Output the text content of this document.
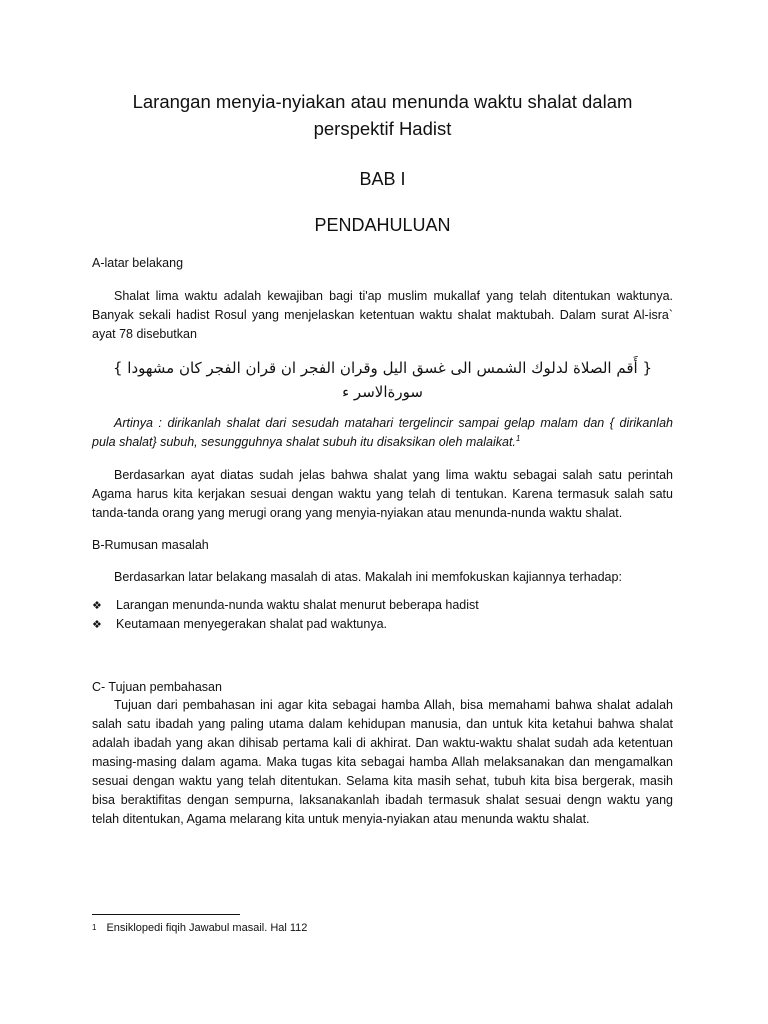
Larangan menyia-nyiakan atau menunda waktu shalat dalam
perspektif Hadist

BAB I

PENDAHULUAN

A-latar belakang

Shalat lima waktu adalah kewajiban bagi ti'ap muslim mukallaf yang telah ditentukan waktunya. Banyak sekali hadist Rosul yang menjelaskan ketentuan waktu shalat maktubah. Dalam surat Al-isra` ayat 78 disebutkan

{ أَقم الصلاة لدلوك الشمس الى غسق اليل وقران الفجر ان قران الفجر كان مشهودا } سورةالاسر ء

Artinya : dirikanlah shalat dari sesudah matahari tergelincir sampai gelap malam dan { dirikanlah pula shalat} subuh, sesungguhnya shalat subuh itu disaksikan oleh malaikat.$^1$

Berdasarkan ayat diatas sudah jelas bahwa shalat yang lima waktu sebagai salah satu perintah Agama harus kita kerjakan sesuai dengan waktu yang telah di tentukan. Karena termasuk salah satu tanda-tanda orang yang merugi orang yang menyia-nyiakan atau menunda-nunda waktu shalat.

B-Rumusan masalah

Berdasarkan latar belakang masalah di atas. Makalah ini memfokuskan kajiannya terhadap:

❖	Larangan menunda-nunda waktu shalat menurut beberapa hadist
❖	Keutamaan menyegerakan shalat pad waktunya.

C- Tujuan pembahasan

Tujuan dari pembahasan ini agar kita sebagai hamba Allah, bisa memahami bahwa shalat adalah salah satu ibadah yang paling utama dalam kehidupan manusia, dan untuk kita ketahui bahwa shalat adalah ibadah yang akan dihisab pertama kali di akhirat. Dan waktu-waktu shalat sudah ada ketentuan masing-masing dalam agama. Maka tugas kita sebagai hamba Allah melaksanakan dan mengamalkan sesuai dengan waktu yang telah ditentukan. Selama kita masih sehat, tubuh kita bisa bergerak, masih bisa beraktifitas dengan sempurna, laksanakanlah ibadah termasuk shalat sesuai dengn waktu yang telah ditentukan, Agama melarang kita untuk menyia-nyiakan atau menunda waktu shalat.

$^1$ Ensiklopedi fiqih Jawabul masail. Hal 112
